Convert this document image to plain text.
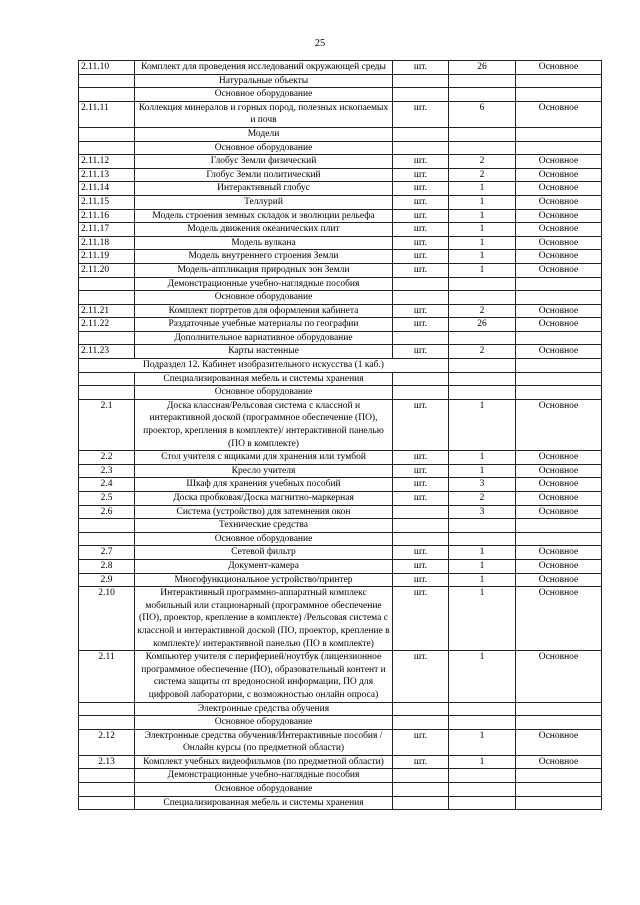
25
2.11.10	Комплект для проведения исследований окружающей среды	шт.	26	Основное
	Натуральные объекты			
	Основное оборудование			
2.11.11	Коллекция минералов и горных пород, полезных ископаемых и почв	шт.	6	Основное
	Модели			
	Основное оборудование			
2.11.12	Глобус Земли физический	шт.	2	Основное
2.11.13	Глобус Земли политический	шт.	2	Основное
2.11.14	Интерактивный глобус	шт.	1	Основное
2.11.15	Теллурий	шт.	1	Основное
2.11.16	Модель строения земных складок и эволюции рельефа	шт.	1	Основное
2.11.17	Модель движения океанических плит	шт.	1	Основное
2.11.18	Модель вулкана	шт.	1	Основное
2.11.19	Модель внутреннего строения Земли	шт.	1	Основное
2.11.20	Модель-аппликация природных зон Земли	шт.	1	Основное
	Демонстрационные учебно-наглядные пособия			
	Основное оборудование			
2.11.21	Комплект портретов для оформления кабинета	шт.	2	Основное
2.11.22	Раздаточные учебные материалы по географии	шт.	26	Основное
	Дополнительное вариативное оборудование			
2.11.23	Карты настенные	шт.	2	Основное
Подраздел 12. Кабинет изобразительного искусства (1 каб.)				
	Специализированная мебель и системы хранения			
	Основное оборудование			
2.1	Доска классная/Рельсовая система с классной и интерактивной доской (программное обеспечение (ПО), проектор, крепления в комплекте)/ интерактивной панелью (ПО в комплекте)	шт.	1	Основное
2.2	Стол учителя с ящиками для хранения или тумбой	шт.	1	Основное
2.3	Кресло учителя	шт.	1	Основное
2.4	Шкаф для хранения учебных пособий	шт.	3	Основное
2.5	Доска пробковая/Доска магнитно-маркерная	шт.	2	Основное
2.6	Система (устройство) для затемнения окон		3	Основное
	Технические средства			
	Основное оборудование			
2.7	Сетевой фильтр	шт.	1	Основное
2.8	Документ-камера	шт.	1	Основное
2.9	Многофункциональное устройство/принтер	шт.	1	Основное
2.10	Интерактивный программно-аппаратный комплекс мобильный или стационарный (программное обеспечение (ПО), проектор, крепление в комплекте) /Рельсовая система с классной и интерактивной доской (ПО, проектор, крепление в комплекте)/ интерактивной панелью (ПО в комплекте)	шт.	1	Основное
2.11	Компьютер учителя с периферией/ноутбук (лицензионное программное обеспечение (ПО), образовательный контент и система защиты от вредоносной информации, ПО для цифровой лаборатории, с возможностью онлайн опроса)	шт.	1	Основное
	Электронные средства обучения			
	Основное оборудование			
2.12	Электронные средства обучения/Интерактивные пособия / Онлайн курсы (по предметной области)	шт.	1	Основное
2.13	Комплект учебных видеофильмов (по предметной области)	шт.	1	Основное
	Демонстрационные учебно-наглядные пособия			
	Основное оборудование			
	Специализированная мебель и системы хранения			
